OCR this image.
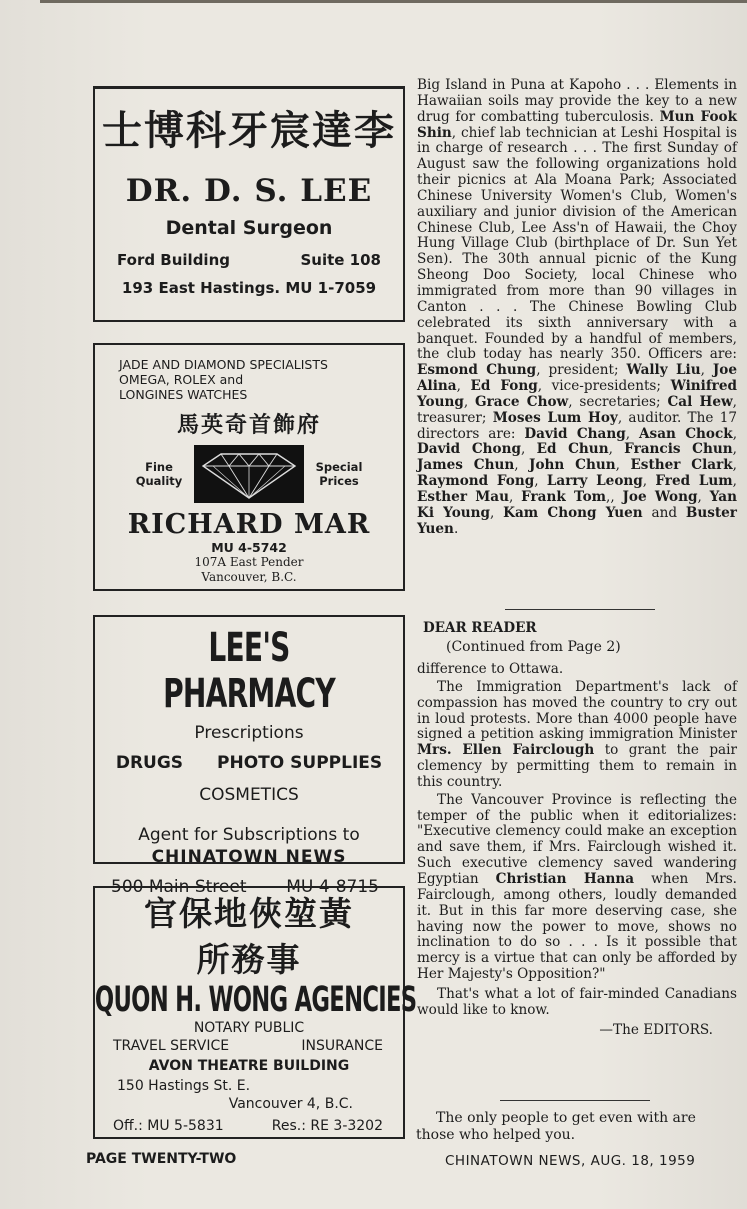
士博科牙宸達李
DR. D. S. LEE
Dental Surgeon
Ford Building	Suite 108
193 East Hastings. MU 1-7059
JADE AND DIAMOND SPECIALISTS
OMEGA, ROLEX and
LONGINES WATCHES
馬英奇首飾府
Fine Quality
Special Prices
RICHARD MAR
MU 4-5742
107A East Pender
Vancouver, B.C.
LEE'S PHARMACY
Prescriptions
DRUGS PHOTO SUPPLIES
COSMETICS
Agent for Subscriptions to
CHINATOWN NEWS
500 Main Street MU 4-8715
官保地俠堃黃
所務事
QUON H. WONG AGENCIES
NOTARY PUBLIC
TRAVEL SERVICE	INSURANCE
AVON THEATRE BUILDING
150 Hastings St. E.
Vancouver 4, B.C.
Off.: MU 5-5831	Res.: RE 3-3202

Big Island in Puna at Kapoho . . . Elements in Hawaiian soils may provide the key to a new drug for combatting tuberculosis. Mun Fook Shin, chief lab technician at Leshi Hospital is in charge of research . . . The first Sunday of August saw the following organizations hold their picnics at Ala Moana Park; Associated Chinese University Women's Club, Women's auxiliary and junior division of the American Chinese Club, Lee Ass'n of Hawaii, the Choy Hung Village Club (birthplace of Dr. Sun Yet Sen). The 30th annual picnic of the Kung Sheong Doo Society, local Chinese who immigrated from more than 90 villages in Canton . . . The Chinese Bowling Club celebrated its sixth anniversary with a banquet. Founded by a handful of members, the club today has nearly 350. Officers are: Esmond Chung, president; Wally Liu, Joe Alina, Ed Fong, vice-presidents; Winifred Young, Grace Chow, secretaries; Cal Hew, treasurer; Moses Lum Hoy, auditor. The 17 directors are: David Chang, Asan Chock, David Chong, Ed Chun, Francis Chun, James Chun, John Chun, Esther Clark, Raymond Fong, Larry Leong, Fred Lum, Esther Mau, Frank Tom,, Joe Wong, Yan Ki Young, Kam Chong Yuen and Buster Yuen.

DEAR READER
(Continued from Page 2)

difference to Ottawa.

The Immigration Department's lack of compassion has moved the country to cry out in loud protests. More than 4000 people have signed a petition asking immigration Minister Mrs. Ellen Fairclough to grant the pair clemency by permitting them to remain in this country.

The Vancouver Province is reflecting the temper of the public when it editorializes: "Executive clemency could make an exception and save them, if Mrs. Fairclough wished it. Such executive clemency saved wandering Egyptian Christian Hanna when Mrs. Fairclough, among others, loudly demanded it. But in this far more deserving case, she having now the power to move, shows no inclination to do so . . . Is it possible that mercy is a virtue that can only be afforded by Her Majesty's Opposition?"

That's what a lot of fair-minded Canadians would like to know.

—The EDITORS.

The only people to get even with are those who helped you.
PAGE TWENTY-TWO	CHINATOWN NEWS, AUG. 18, 1959
